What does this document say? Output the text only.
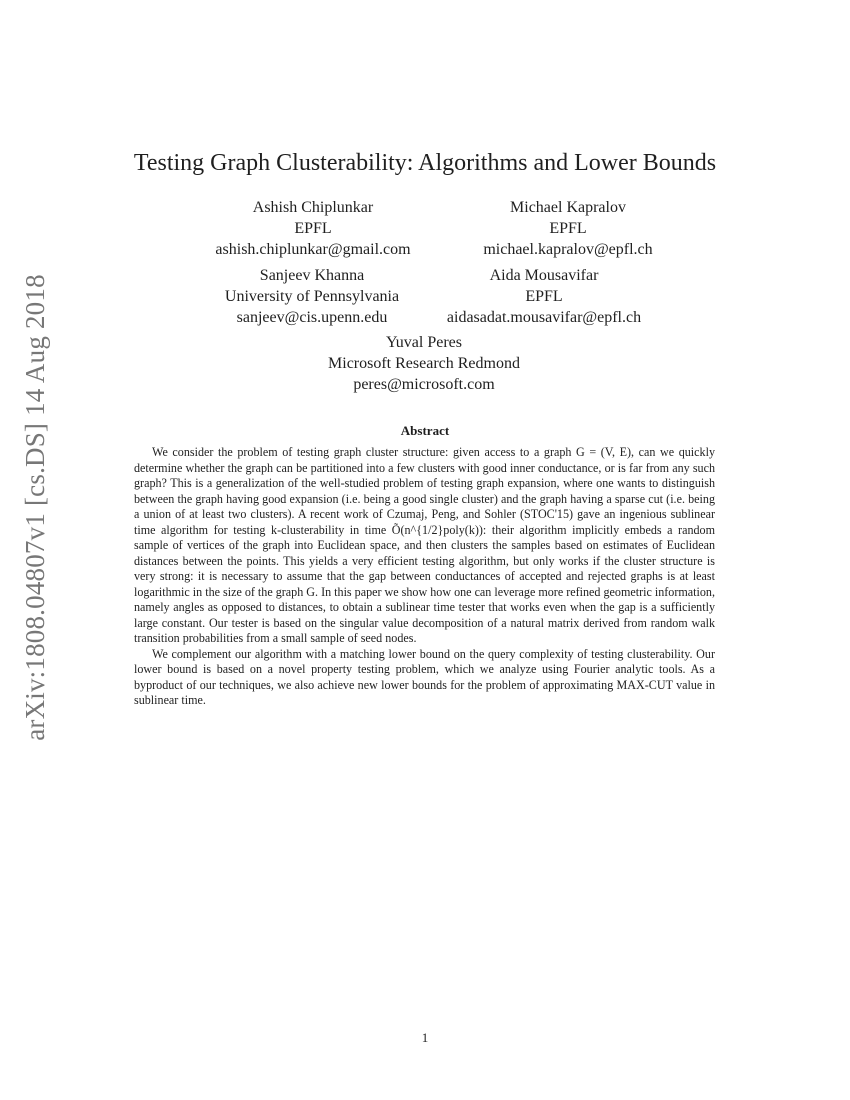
arXiv:1808.04807v1 [cs.DS] 14 Aug 2018
Testing Graph Clusterability: Algorithms and Lower Bounds
Ashish Chiplunkar
EPFL
ashish.chiplunkar@gmail.com
Michael Kapralov
EPFL
michael.kapralov@epfl.ch
Sanjeev Khanna
University of Pennsylvania
sanjeev@cis.upenn.edu
Aida Mousavifar
EPFL
aidasadat.mousavifar@epfl.ch
Yuval Peres
Microsoft Research Redmond
peres@microsoft.com
Abstract

We consider the problem of testing graph cluster structure: given access to a graph G = (V, E), can we quickly determine whether the graph can be partitioned into a few clusters with good inner conductance, or is far from any such graph? This is a generalization of the well-studied problem of testing graph expansion, where one wants to distinguish between the graph having good expansion (i.e. being a good single cluster) and the graph having a sparse cut (i.e. being a union of at least two clusters). A recent work of Czumaj, Peng, and Sohler (STOC'15) gave an ingenious sublinear time algorithm for testing k-clusterability in time Õ(n^{1/2}poly(k)): their algorithm implicitly embeds a random sample of vertices of the graph into Euclidean space, and then clusters the samples based on estimates of Euclidean distances between the points. This yields a very efficient testing algorithm, but only works if the cluster structure is very strong: it is necessary to assume that the gap between conductances of accepted and rejected graphs is at least logarithmic in the size of the graph G. In this paper we show how one can leverage more refined geometric information, namely angles as opposed to distances, to obtain a sublinear time tester that works even when the gap is a sufficiently large constant. Our tester is based on the singular value decomposition of a natural matrix derived from random walk transition probabilities from a small sample of seed nodes.

We complement our algorithm with a matching lower bound on the query complexity of testing clusterability. Our lower bound is based on a novel property testing problem, which we analyze using Fourier analytic tools. As a byproduct of our techniques, we also achieve new lower bounds for the problem of approximating MAX-CUT value in sublinear time.

1
